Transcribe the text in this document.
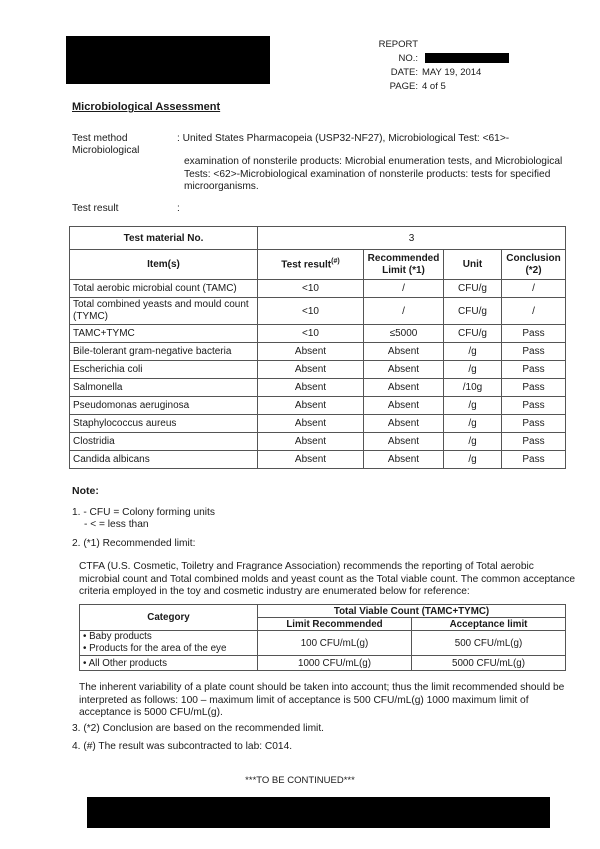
REPORT NO.:
DATE: MAY 19, 2014
PAGE: 4 of 5
Microbiological Assessment
Test method
Microbiological
: United States Pharmacopeia (USP32-NF27), Microbiological Test: <61>-
examination of nonsterile products: Microbial enumeration tests, and Microbiological Tests: <62>-Microbiological examination of nonsterile products: tests for specified microorganisms.
Test result	:
Test material No.	3			
Item(s)	Test result(#)	Recommended Limit (*1)	Unit	Conclusion (*2)
Total aerobic microbial count (TAMC)	<10	/	CFU/g	/
Total combined yeasts and mould count (TYMC)	<10	/	CFU/g	/
TAMC+TYMC	<10	≤5000	CFU/g	Pass
Bile-tolerant gram-negative bacteria	Absent	Absent	/g	Pass
Escherichia coli	Absent	Absent	/g	Pass
Salmonella	Absent	Absent	/10g	Pass
Pseudomonas aeruginosa	Absent	Absent	/g	Pass
Staphylococcus aureus	Absent	Absent	/g	Pass
Clostridia	Absent	Absent	/g	Pass
Candida albicans	Absent	Absent	/g	Pass
Note:
1. - CFU = Colony forming units
- < = less than
2. (*1) Recommended limit:
CTFA (U.S. Cosmetic, Toiletry and Fragrance Association) recommends the reporting of Total aerobic microbial count and Total combined molds and yeast count as the Total viable count. The common acceptance criteria employed in the toy and cosmetic industry are enumerated below for reference:
Category	Total Viable Count (TAMC+TYMC)	
	Limit Recommended	Acceptance limit

• Baby products
• Products for the area of the eye	100 CFU/mL(g)	500 CFU/mL(g)
• All Other products	1000 CFU/mL(g)	5000 CFU/mL(g)
The inherent variability of a plate count should be taken into account; thus the limit recommended should be interpreted as follows: 100 – maximum limit of acceptance is 500 CFU/mL(g) 1000 maximum limit of acceptance is 5000 CFU/mL(g).
3. (*2) Conclusion are based on the recommended limit.
4. (#) The result was subcontracted to lab: C014.
***TO BE CONTINUED***
